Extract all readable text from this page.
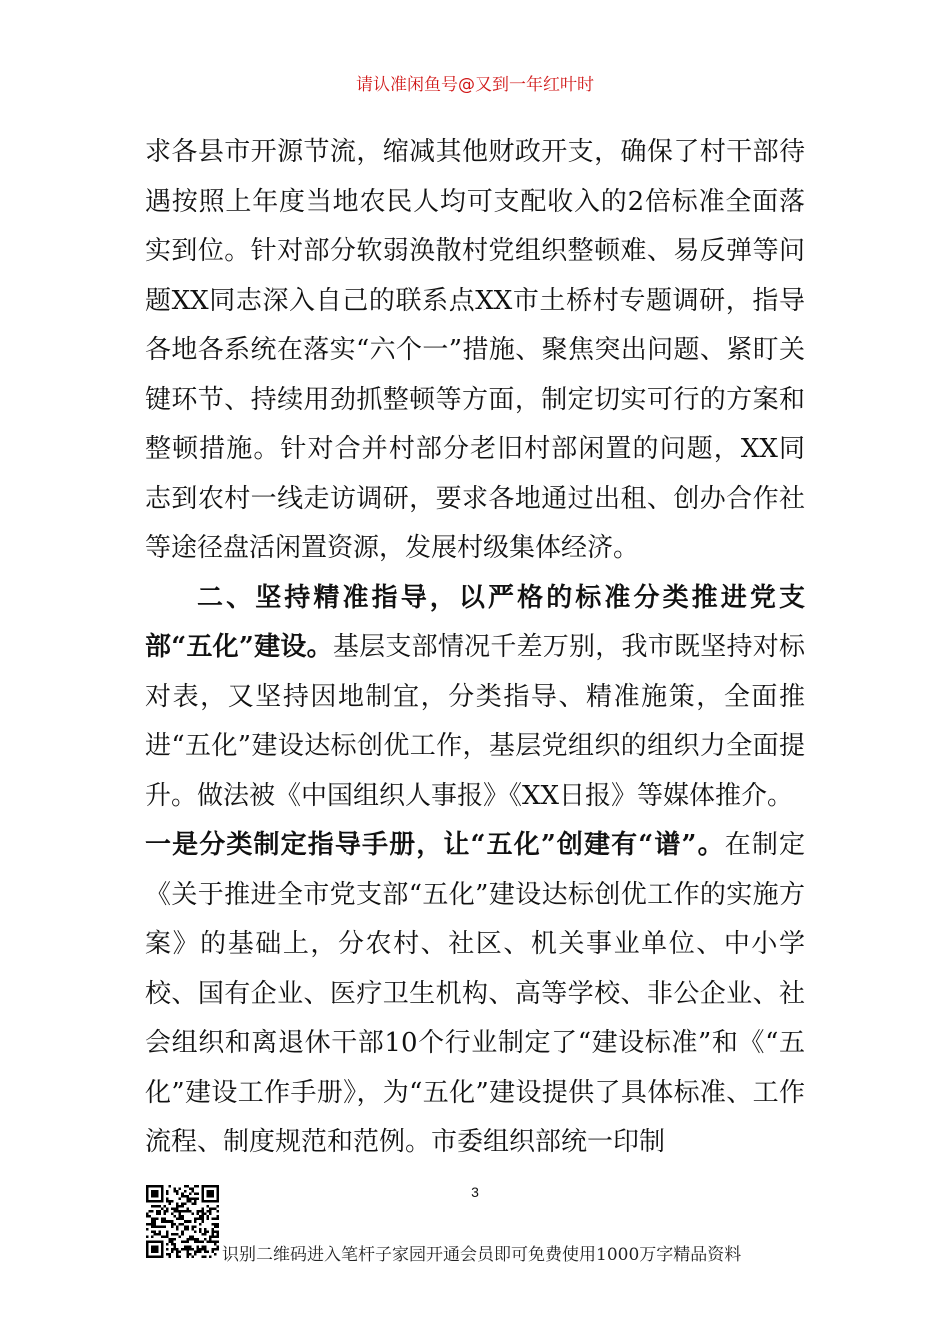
请认准闲鱼号@又到一年红叶时

求各县市开源节流，缩减其他财政开支，确保了村干部待遇按照上年度当地农民人均可支配收入的2倍标准全面落实到位。针对部分软弱涣散村党组织整顿难、易反弹等问题XX同志深入自己的联系点XX市土桥村专题调研，指导各地各系统在落实“六个一”措施、聚焦突出问题、紧盯关键环节、持续用劲抓整顿等方面，制定切实可行的方案和整顿措施。针对合并村部分老旧村部闲置的问题，XX同志到农村一线走访调研，要求各地通过出租、创办合作社等途径盘活闲置资源，发展村级集体经济。

二、坚持精准指导，以严格的标准分类推进党支部“五化”建设。基层支部情况千差万别，我市既坚持对标对表，又坚持因地制宜，分类指导、精准施策，全面推进“五化”建设达标创优工作，基层党组织的组织力全面提升。做法被《中国组织人事报》《XX日报》等媒体推介。

一是分类制定指导手册，让“五化”创建有“谱”。在制定《关于推进全市党支部“五化”建设达标创优工作的实施方案》的基础上，分农村、社区、机关事业单位、中小学校、国有企业、医疗卫生机构、高等学校、非公企业、社会组织和离退休干部10个行业制定了“建设标准”和《“五化”建设工作手册》，为“五化”建设提供了具体标准、工作流程、制度规范和范例。市委组织部统一印制

3
识别二维码进入笔杆子家园开通会员即可免费使用1000万字精品资料
